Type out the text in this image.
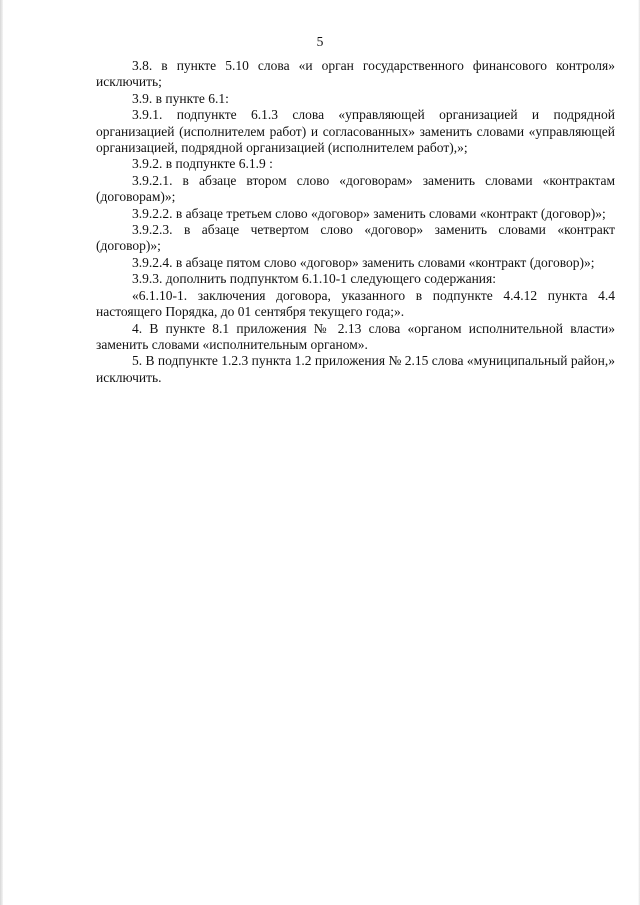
5

3.8. в пункте 5.10 слова «и орган государственного финансового контроля» исключить;

3.9. в пункте 6.1:

3.9.1. подпункте 6.1.3 слова «управляющей организацией и подрядной организацией (исполнителем работ) и согласованных» заменить словами «управляющей организацией, подрядной организацией (исполнителем работ),»;

3.9.2. в подпункте 6.1.9 :

3.9.2.1. в абзаце втором слово «договорам» заменить словами «контрактам (договорам)»;

3.9.2.2. в абзаце третьем слово «договор» заменить словами «контракт (договор)»;

3.9.2.3. в абзаце четвертом слово «договор» заменить словами «контракт (договор)»;

3.9.2.4. в абзаце пятом слово «договор» заменить словами «контракт (договор)»;

3.9.3. дополнить подпунктом 6.1.10-1 следующего содержания:

«6.1.10-1. заключения договора, указанного в подпункте 4.4.12 пункта 4.4 настоящего Порядка, до 01 сентября текущего года;».

4. В пункте 8.1 приложения № 2.13 слова «органом исполнительной власти» заменить словами «исполнительным органом».

5. В подпункте 1.2.3 пункта 1.2 приложения № 2.15 слова «муниципальный район,» исключить.
